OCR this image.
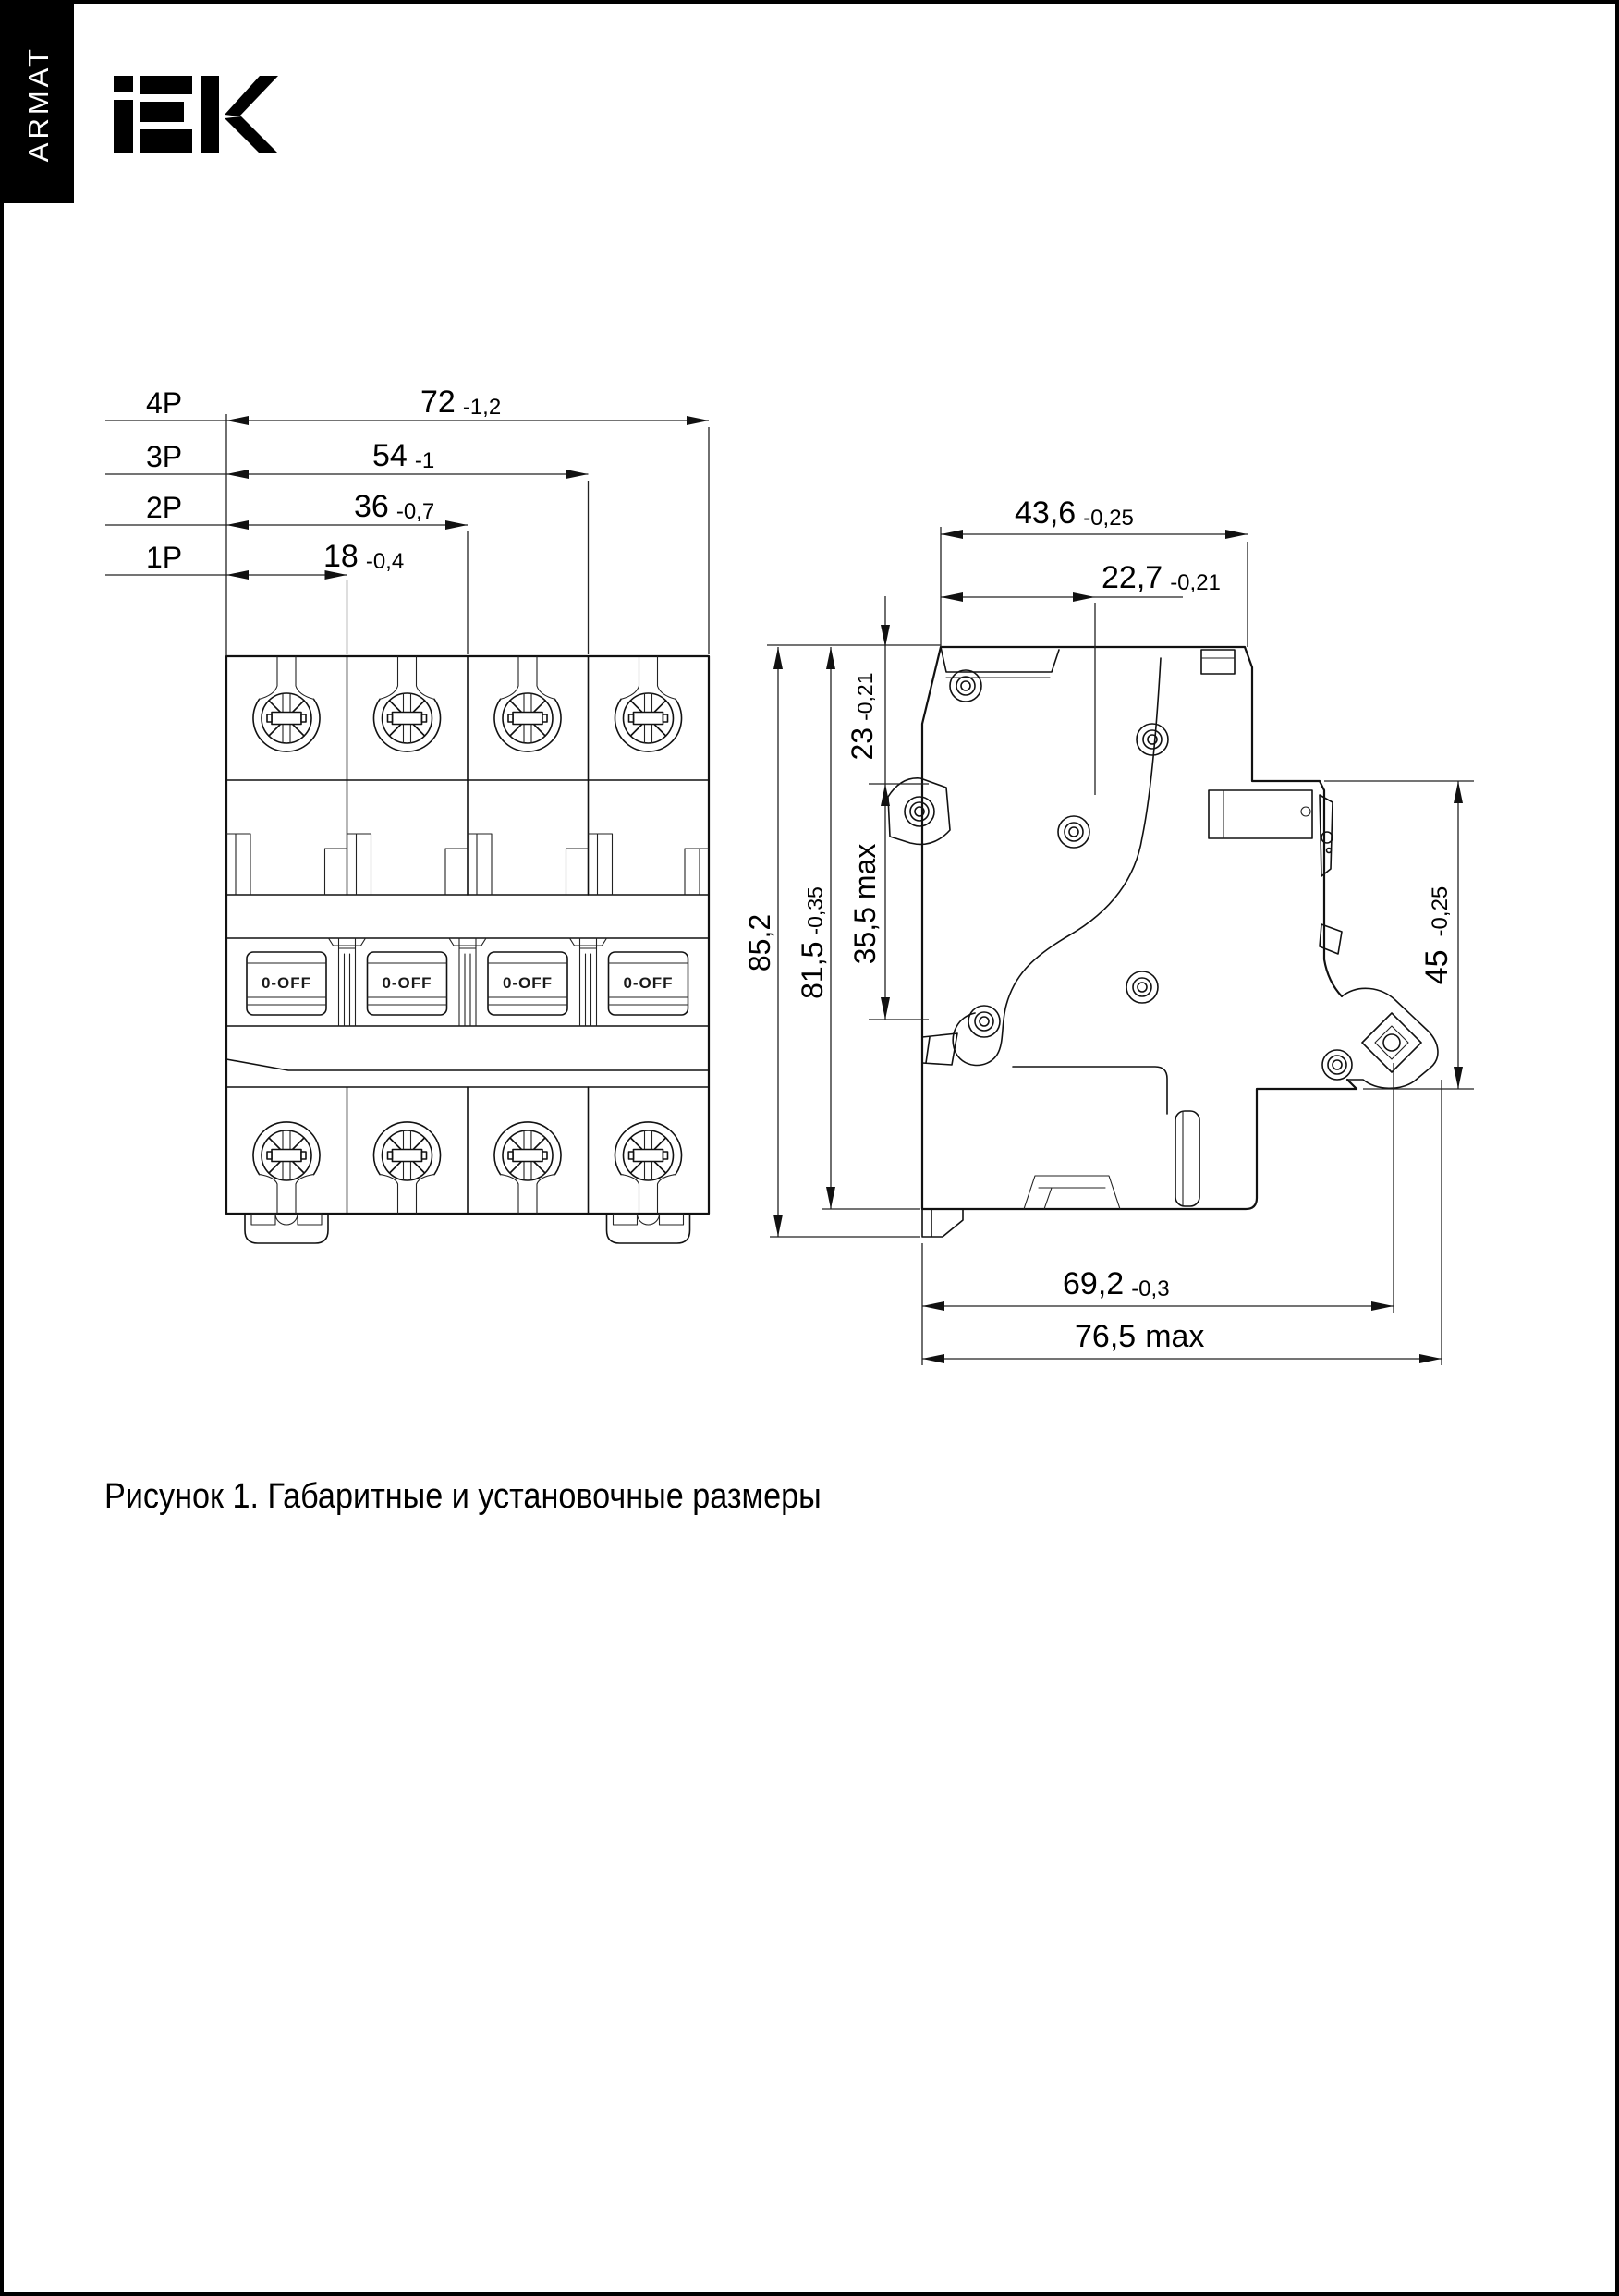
ARMAT
0-OFF	0-OFF	0-OFF	0-OFF
4P
3P
2P
1P
72 -1,2
54 -1
36 -0,7
18 -0,4
43,6 -0,25
22,7 -0,21
85,2 81,5-0,35 35,5max
23-0,21
45-0,25
69,2 -0,3
76,5 max
Рисунок 1. Габаритные и установочные размеры
